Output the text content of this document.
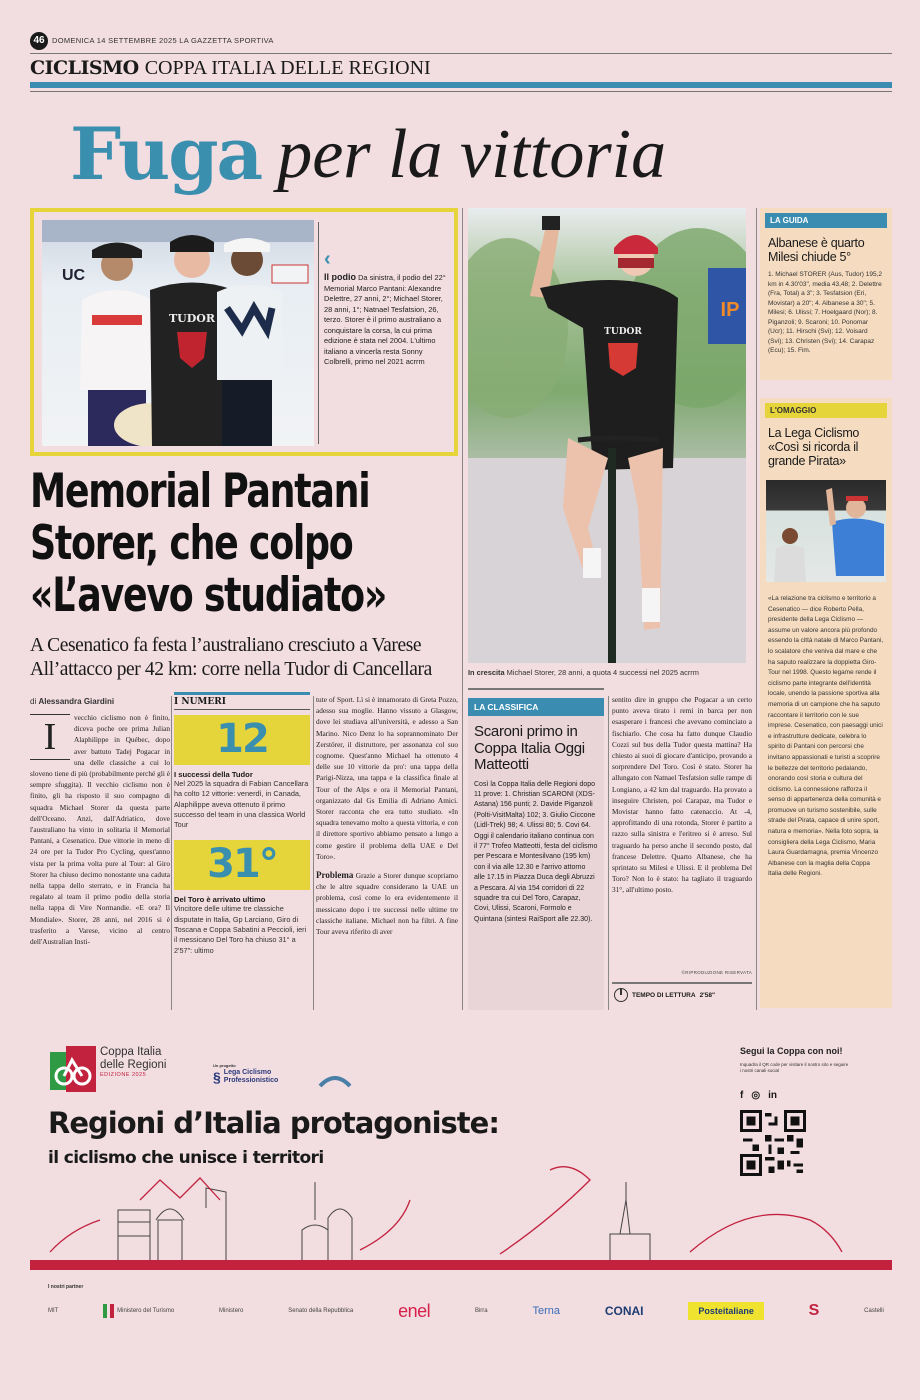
46 DOMENICA 14 SETTEMBRE 2025 LA GAZZETTA SPORTIVA
CICLISMO COPPA ITALIA DELLE REGIONI
Fuga per la vittoria
UC
TUDOR
‹
Il podio Da sinistra, il podio del 22° Memorial Marco Pantani: Alexandre Delettre, 27 anni, 2°; Michael Storer, 28 anni, 1°; Natnael Tesfatsion, 26, terzo. Storer è il primo australiano a conquistare la corsa, la cui prima edizione è stata nel 2004. L'ultimo italiano a vincerla resta Sonny Colbrelli, primo nel 2021 acrrm
Memorial Pantani
Storer, che colpo
«L’avevo studiato»
A Cesenatico fa festa l’australiano cresciuto a Varese
All’attacco per 42 km: corre nella Tudor di Cancellara
di Alessandra Giardini
I	vecchio ciclismo non è finito, diceva poche ore prima Julian Alaphilippe in Québec, dopo aver battuto Tadej Pogacar in una delle classiche a cui lo sloveno tiene di più (probabilmente perché gli è sempre sfuggita). Il vecchio ciclismo non è finito, gli ha risposto il suo compagno di squadra Michael Storer da questa parte dell'Oceano. Anzi, dall'Adriatico, dove l'australiano ha vinto in solitaria il Memorial Pantani, a Cesenatico. Due vittorie in meno di 24 ore per la Tudor Pro Cycling, quest'anno vista per la prima volta pure al Tour: al Giro Storer ha chiuso decimo nonostante una caduta nella tappa dello sterrato, e in Francia ha regalato al team il primo podio della storia nella tappa di Vire Normandie. «E ora? Il Mondiale». Storer, 28 anni, nel 2016 si è trasferito a Varese, vicino al centro dell'Australian Insti-
I NUMERI
12
I successi della Tudor
Nel 2025 la squadra di Fabian Cancellara ha colto 12 vittorie: venerdì, in Canada, Alaphilippe aveva ottenuto il primo successo del team in una classica World Tour
31°
Del Toro è arrivato ultimo
Vincitore delle ultime tre classiche disputate in Italia, Gp Larciano, Giro di Toscana e Coppa Sabatini a Peccioli, ieri il messicano Del Toro ha chiuso 31° a 2'57": ultimo
tute of Sport. Lì si è innamorato di Greta Pozzo, adesso sua moglie. Hanno vissuto a Glasgow, dove lei studiava all'università, e adesso a San Marino. Nico Denz lo ha soprannominato Der Zerstörer, il distruttore, per assonanza col suo cognome. Quest'anno Michael ha ottenuto 4 delle sue 10 vittorie da pro': una tappa della Parigi-Nizza, una tappa e la classifica finale al Tour of the Alps e ora il Memorial Pantani, organizzato dal Gs Emilia di Adriano Amici. Storer racconta che era tutto studiato. «In squadra tenevamo molto a questa vittoria, e con il direttore sportivo abbiamo pensato a lungo a come gestire il problema della UAE e Del Toro».
Problema Grazie a Storer dunque scopriamo che le altre squadre considerano la UAE un problema, così come lo era evidentemente il messicano dopo i tre successi nelle ultime tre classiche italiane. Michael non ha filtri. A fine Tour aveva riferito di aver
IP
TUDOR
In crescita Michael Storer, 28 anni, a quota 4 successi nel 2025 acrrm
LA CLASSIFICA
Scaroni primo in Coppa Italia Oggi Matteotti
Così la Coppa Italia delle Regioni dopo 11 prove: 1. Christian SCARONI (XDS-Astana) 156 punti; 2. Davide Piganzoli (Polti-VisitMalta) 102; 3. Giulio Ciccone (Lidl-Trek) 98; 4. Ulissi 80; 5. Covi 64. Oggi il calendario italiano continua con il 77° Trofeo Matteotti, festa del ciclismo per Pescara e Montesilvano (195 km) con il via alle 12.30 e l'arrivo attorno alle 17.15 in Piazza Duca degli Abruzzi a Pescara. Al via 154 corridori di 22 squadre tra cui Del Toro, Carapaz, Covi, Ulissi, Scaroni, Formolo e Quintana (sintesi RaiSport alle 22.30).
sentito dire in gruppo che Pogacar a un certo punto aveva tirato i remi in barca per non esasperare i francesi che avevano cominciato a fischiarlo. Che cosa ha fatto dunque Claudio Cozzi sul bus della Tudor questa mattina? Ha chiesto ai suoi di giocare d'anticipo, provando a sorprendere Del Toro. Così è stato. Storer ha allungato con Natnael Tesfatsion sulle rampe di Longiano, a 42 km dal traguardo. Ha provato a inseguire Christen, poi Carapaz, ma Tudor e Movistar hanno fatto catenaccio. At -4, approfittando di una rotonda, Storer è partito a razzo sulla sinistra e l'eritreo si è arreso. Sul traguardo ha perso anche il secondo posto, dal francese Delettre. Quarto Albanese, che ha sprintato su Milesi e Ulissi. E il problema Del Toro? Non lo è stato: ha tagliato il traguardo 31°, all'ultimo posto.
©RIPRODUZIONE RISERVATA
TEMPO DI LETTURA 2'58"
LA GUIDA
Albanese è quarto Milesi chiude 5°
1. Michael STORER (Aus, Tudor) 195,2 km in 4.30'03", media 43,48; 2. Delettre (Fra, Total) a 3"; 3. Tesfatsion (Eri, Movistar) a 20"; 4. Albanese a 30"; 5. Milesi; 6. Ulissi; 7. Hoelgaard (Nor); 8. Piganzoli; 9. Scaroni; 10. Ponomar (Ucr); 11. Hirschi (Svi); 12. Voisard (Svi); 13. Christen (Svi); 14. Carapaz (Ecu); 15. Fim.
L'OMAGGIO
La Lega Ciclismo «Così si ricorda il grande Pirata»
«La relazione tra ciclismo e territorio a Cesenatico — dice Roberto Pella, presidente della Lega Ciclismo — assume un valore ancora più profondo essendo la città natale di Marco Pantani, lo scalatore che veniva dal mare e che ha saputo realizzare la doppietta Giro-Tour nel 1998. Questo legame rende il ciclismo parte integrante dell'identità locale, unendo la passione sportiva alla memoria di un campione che ha saputo raccontare il territorio con le sue imprese. Cesenatico, con paesaggi unici e infrastrutture dedicate, celebra lo spirito di Pantani con percorsi che invitano appassionati e turisti a scoprire le bellezze del territorio pedalando, onorando così storia e cultura del ciclismo. La connessione rafforza il senso di appartenenza della comunità e promuove un turismo sostenibile, sulle strade del Pirata, capace di unire sport, natura e memoria». Nella foto sopra, la consigliera della Lega Ciclismo, Maria Laura Guardamagna, premia Vincenzo Albanese con la maglia della Coppa Italia delle Regioni.
Coppa Italia
delle Regioni
EDIZIONE 2025
Un progetto
§ Lega Ciclismo Professionistico
Regioni d’Italia protagoniste:
il ciclismo che unisce i territori
Segui la Coppa con noi!
Inquadra il QR code per visitare il nostro sito e seguire i nostri canali social
f ◎ in
I nostri partner
MIT	Ministero del Turismo	Ministero	Senato della Repubblica enel	Birra	Terna	CONAI	Posteitaliane	S	Castelli
